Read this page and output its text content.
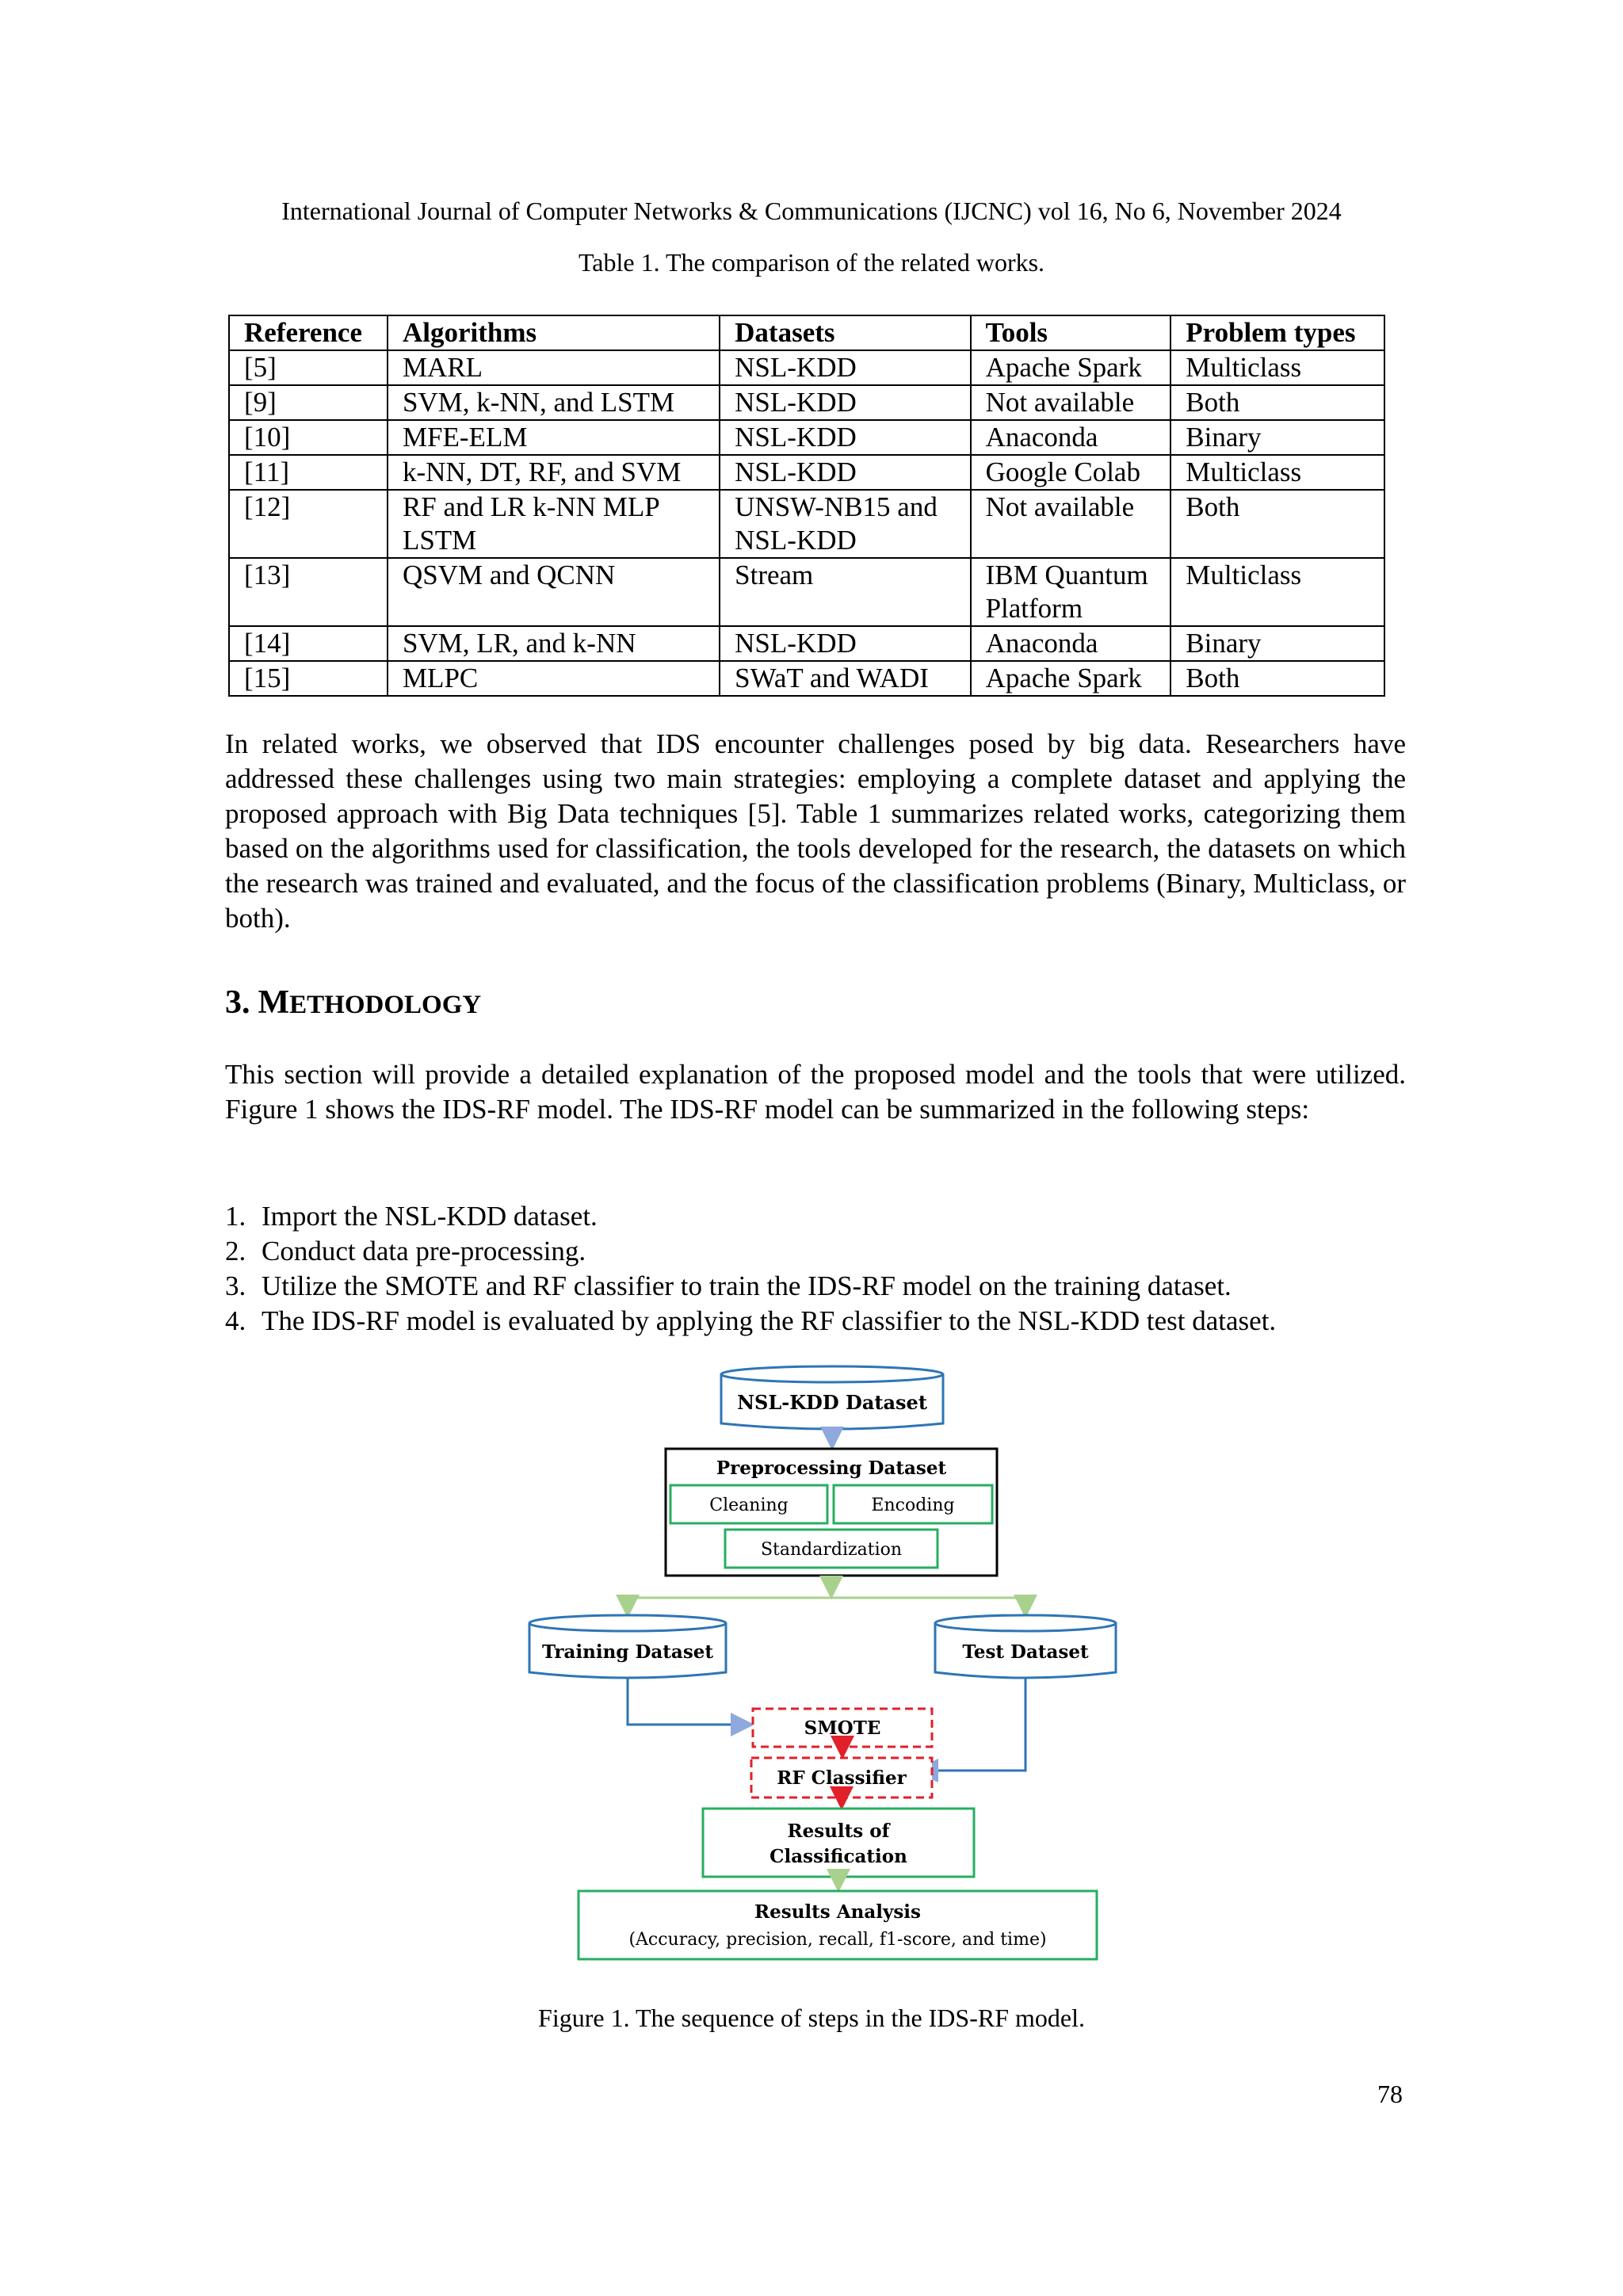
International Journal of Computer Networks & Communications (IJCNC) vol 16, No 6, November 2024
Table 1. The comparison of the related works.
Reference	Algorithms	Datasets	Tools	Problem types
[5]	MARL	NSL-KDD	Apache Spark	Multiclass
[9]	SVM, k-NN, and LSTM	NSL-KDD	Not available	Both
[10]	MFE-ELM	NSL-KDD	Anaconda	Binary
[11]	k-NN, DT, RF, and SVM	NSL-KDD	Google Colab	Multiclass
[12]	RF and LR k-NN MLP LSTM	UNSW-NB15 and NSL-KDD	Not available	Both
[13]	QSVM and QCNN	Stream	IBM Quantum Platform	Multiclass
[14]	SVM, LR, and k-NN	NSL-KDD	Anaconda	Binary
[15]	MLPC	SWaT and WADI	Apache Spark	Both

In related works, we observed that IDS encounter challenges posed by big data. Researchers have addressed these challenges using two main strategies: employing a complete dataset and applying the proposed approach with Big Data techniques [5]. Table 1 summarizes related works, categorizing them based on the algorithms used for classification, the tools developed for the research, the datasets on which the research was trained and evaluated, and the focus of the classification problems (Binary, Multiclass, or both).

3. METHODOLOGY

This section will provide a detailed explanation of the proposed model and the tools that were utilized. Figure 1 shows the IDS-RF model. The IDS-RF model can be summarized in the following steps:

1. Import the NSL-KDD dataset.
2. Conduct data pre-processing.
3. Utilize the SMOTE and RF classifier to train the IDS-RF model on the training dataset.
4. The IDS-RF model is evaluated by applying the RF classifier to the NSL-KDD test dataset.
NSL-KDD Dataset
Preprocessing Dataset
Cleaning	Encoding
Standardization
Training Dataset	Test Dataset
SMOTE
RF Classifier
Results of
Classification
Results Analysis
(Accuracy, precision, recall, f1-score, and time)
Figure 1. The sequence of steps in the IDS-RF model.
78
